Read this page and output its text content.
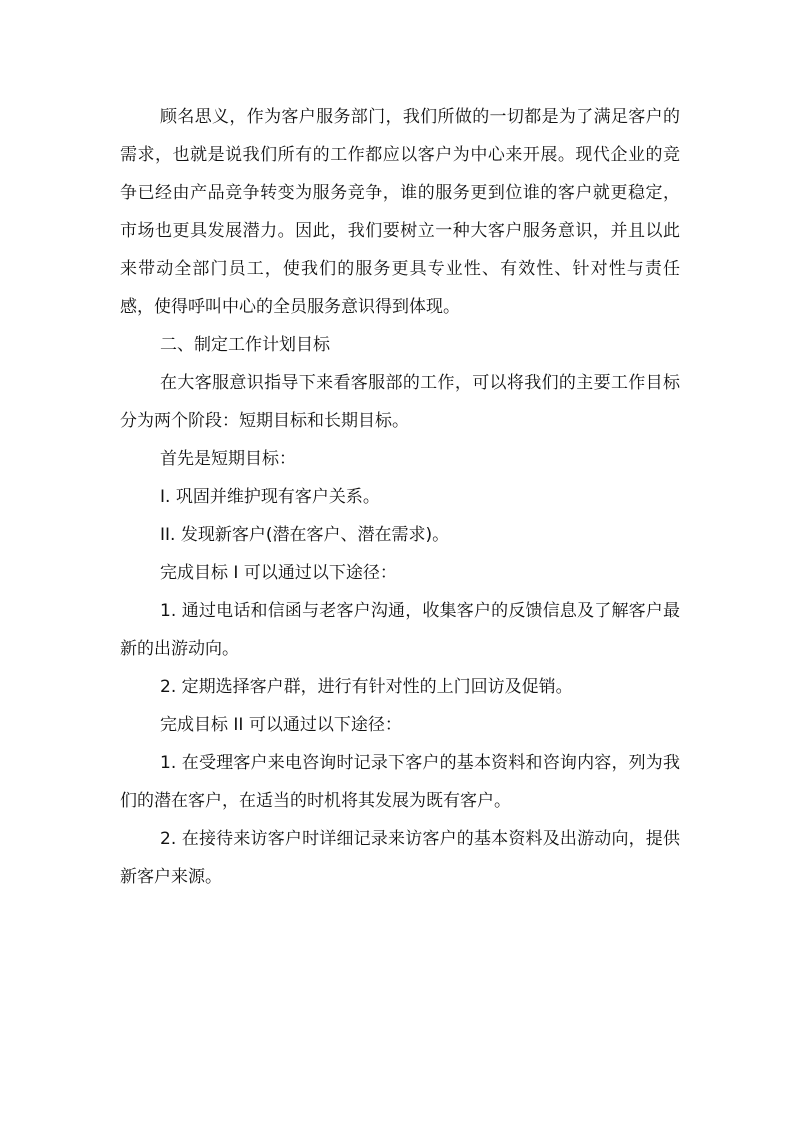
顾名思义，作为客户服务部门，我们所做的一切都是为了满足客户的需求，也就是说我们所有的工作都应以客户为中心来开展。现代企业的竞争已经由产品竞争转变为服务竞争，谁的服务更到位谁的客户就更稳定，市场也更具发展潜力。因此，我们要树立一种大客户服务意识，并且以此来带动全部门员工，使我们的服务更具专业性、有效性、针对性与责任感，使得呼叫中心的全员服务意识得到体现。

二、制定工作计划目标

在大客服意识指导下来看客服部的工作，可以将我们的主要工作目标分为两个阶段：短期目标和长期目标。

首先是短期目标：

I. 巩固并维护现有客户关系。

II. 发现新客户(潜在客户、潜在需求)。

完成目标 I 可以通过以下途径：

1. 通过电话和信函与老客户沟通，收集客户的反馈信息及了解客户最新的出游动向。

2. 定期选择客户群，进行有针对性的上门回访及促销。

完成目标 II 可以通过以下途径：

1. 在受理客户来电咨询时记录下客户的基本资料和咨询内容，列为我们的潜在客户，在适当的时机将其发展为既有客户。

2. 在接待来访客户时详细记录来访客户的基本资料及出游动向，提供新客户来源。
